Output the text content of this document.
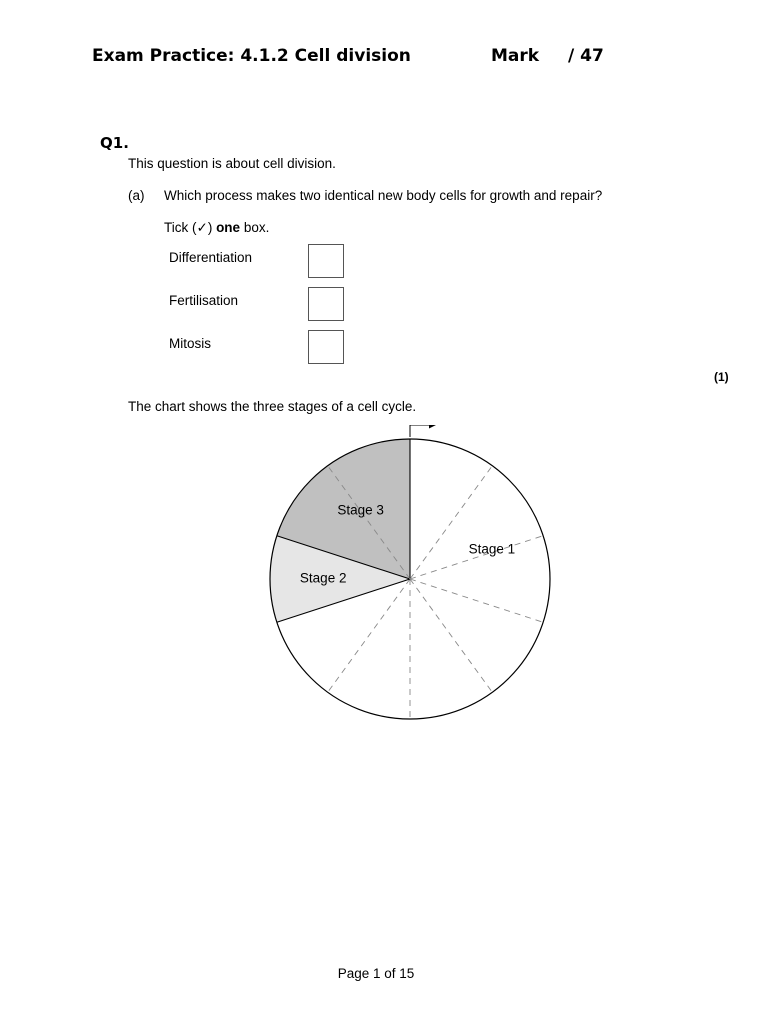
Exam Practice: 4.1.2 Cell division	Mark / 47
Q1.
This question is about cell division.
(a) Which process makes two identical new body cells for growth and repair?
Tick (✓) one box.
Differentiation
Fertilisation
Mitosis
(1)
The chart shows the three stages of a cell cycle.
Stage 1
Stage 2
Stage 3
Page 1 of 15
